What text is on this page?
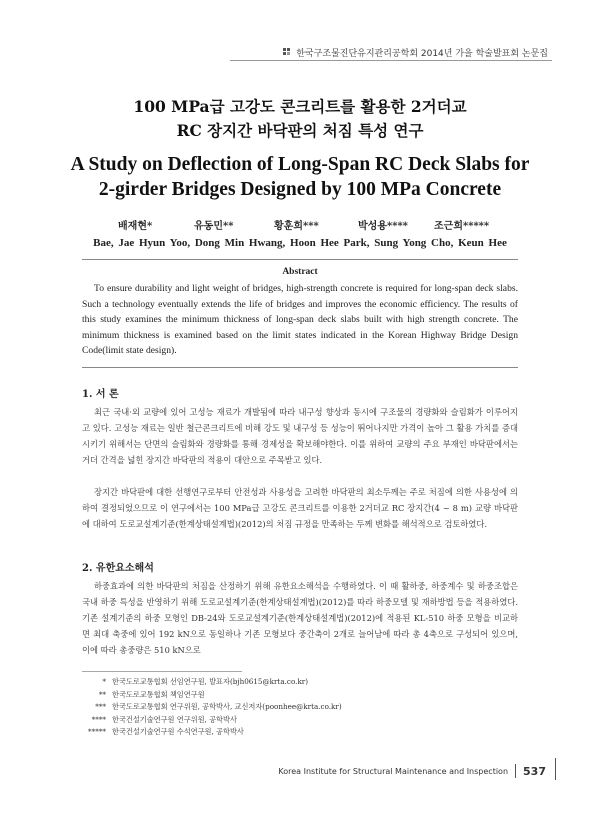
한국구조물진단유지관리공학회 2014년 가을 학술발표회 논문집
100 MPa급 고강도 콘크리트를 활용한 2거더교
RC 장지간 바닥판의 처짐 특성 연구
A Study on Deflection of Long-Span RC Deck Slabs for
2-girder Bridges Designed by 100 MPa Concrete
배재현*	유동민**	황훈희***	박성용****	조근희*****
Bae, Jae Hyun Yoo, Dong Min Hwang, Hoon Hee Park, Sung Yong Cho, Keun Hee
Abstract
To ensure durability and light weight of bridges, high-strength concrete is required for long-span deck slabs. Such a technology eventually extends the life of bridges and improves the economic efficiency. The results of this study examines the minimum thickness of long-span deck slabs built with high strength concrete. The minimum thickness is examined based on the limit states indicated in the Korean Highway Bridge Design Code(limit state design).
1. 서 론
최근 국내·외 교량에 있어 고성능 재료가 개발됨에 따라 내구성 향상과 동시에 구조물의 경량화와 슬림화가 이루어지고 있다. 고성능 재료는 일반 철근콘크리트에 비해 강도 및 내구성 등 성능이 뛰어나지만 가격이 높아 그 활용 가치를 증대시키기 위해서는 단면의 슬림화와 경량화를 통해 경제성을 확보해야한다. 이를 위하여 교량의 주요 부재인 바닥판에서는 거더 간격을 넓힌 장지간 바닥판의 적용이 대안으로 주목받고 있다.
장지간 바닥판에 대한 선행연구로부터 안전성과 사용성을 고려한 바닥판의 최소두께는 주로 처짐에 의한 사용성에 의하여 결정되었으므로 이 연구에서는 100 MPa급 고강도 콘크리트를 이용한 2거더교 RC 장지간(4 ~ 8 m) 교량 바닥판에 대하여 도로교설계기준(한계상태설계법)(2012)의 처짐 규정을 만족하는 두께 변화를 해석적으로 검토하였다.
2. 유한요소해석
하중효과에 의한 바닥판의 처짐을 산정하기 위해 유한요소해석을 수행하였다. 이 때 활하중, 하중계수 및 하중조합은 국내 하중 특성을 반영하기 위해 도로교설계기준(한계상태설계법)(2012)를 따라 하중모델 및 재하방법 등을 적용하였다. 기존 설계기준의 하중 모형인 DB-24와 도로교설계기준(한계상태설계법)(2012)에 적용된 KL-510 하중 모형을 비교하면 최대 축중에 있어 192 kN으로 동일하나 기존 모형보다 중간축이 2개로 늘어남에 따라 총 4축으로 구성되어 있으며, 이에 따라 총중량은 510 kN으로
* 한국도로교통협회 선임연구원, 발표자(bjh0615@krta.co.kr)
** 한국도로교통협회 책임연구원
*** 한국도로교통협회 연구위원, 공학박사, 교신저자(poonhee@krta.co.kr)
**** 한국건설기술연구원 연구위원, 공학박사
***** 한국건설기술연구원 수석연구원, 공학박사
Korea Institute for Structural Maintenance and Inspection 537
